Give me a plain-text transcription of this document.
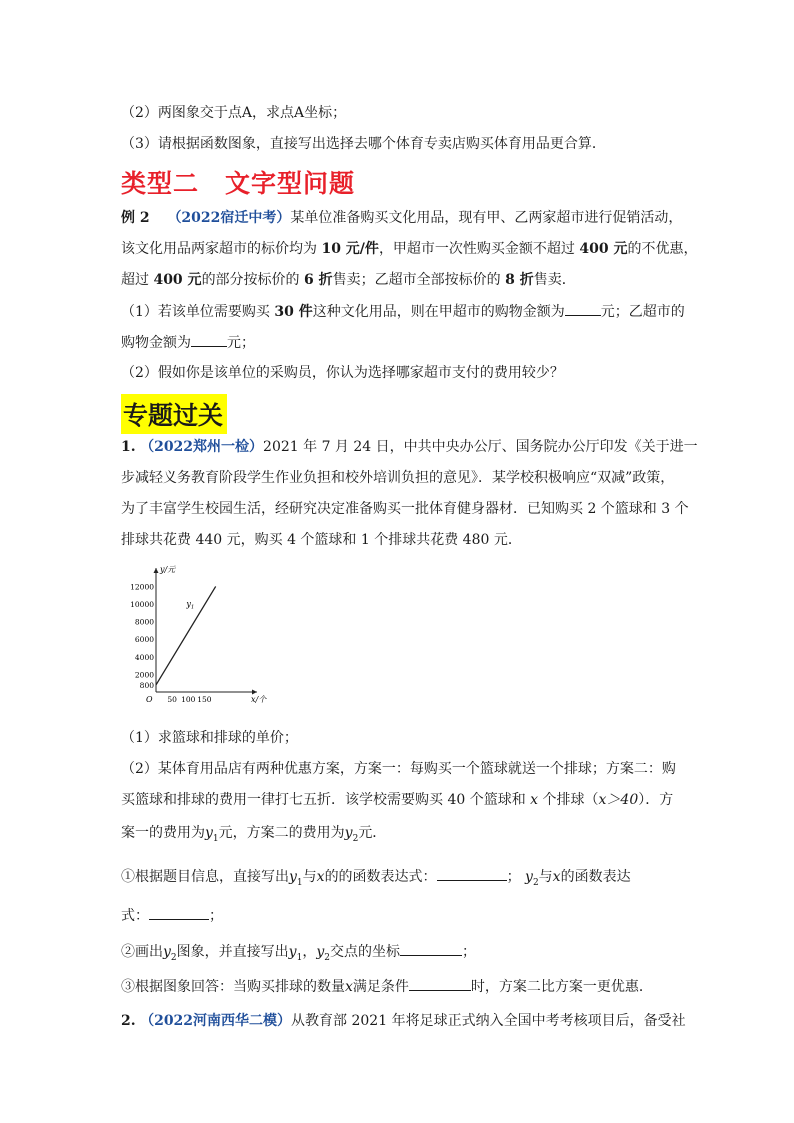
（2）两图象交于点A，求点A坐标；
（3）请根据函数图象，直接写出选择去哪个体育专卖店购买体育用品更合算．
类型二 文字型问题
例 2 （2022宿迁中考）某单位准备购买文化用品，现有甲、乙两家超市进行促销活动，
该文化用品两家超市的标价均为 10 元/件，甲超市一次性购买金额不超过 400 元的不优惠，
超过 400 元的部分按标价的 6 折售卖；乙超市全部按标价的 8 折售卖．
（1）若该单位需要购买 30 件这种文化用品，则在甲超市的购物金额为	元；乙超市的
购物金额为	元；
（2）假如你是该单位的采购员，你认为选择哪家超市支付的费用较少？
专题过关
1. （2022郑州一检）2021 年 7 月 24 日，中共中央办公厅、国务院办公厅印发《关于进一
步减轻义务教育阶段学生作业负担和校外培训负担的意见》．某学校积极响应“双减”政策，
为了丰富学生校园生活，经研究决定准备购买一批体育健身器材．已知购买 2 个篮球和 3 个
排球共花费 440 元，购买 4 个篮球和 1 个排球共花费 480 元．
12000
10000
8000
6000
4000
2000
800
50 100 150
y/元
x/个
O
$y_1$
（1）求篮球和排球的单价；
（2）某体育用品店有两种优惠方案，方案一：每购买一个篮球就送一个排球；方案二：购
买篮球和排球的费用一律打七五折．该学校需要购买 40 个篮球和 x 个排球（x＞40）．方
案一的费用为$y_1$元，方案二的费用为$y_2$元．
①根据题目信息，直接写出$y_1$与x的的函数表达式：	； $y_2$与x的函数表达
式：	；
②画出$y_2$图象，并直接写出$y_1$，$y_2$交点的坐标	；
③根据图象回答：当购买排球的数量x满足条件	时，方案二比方案一更优惠．
2. （2022河南西华二模）从教育部 2021 年将足球正式纳入全国中考考核项目后，备受社
